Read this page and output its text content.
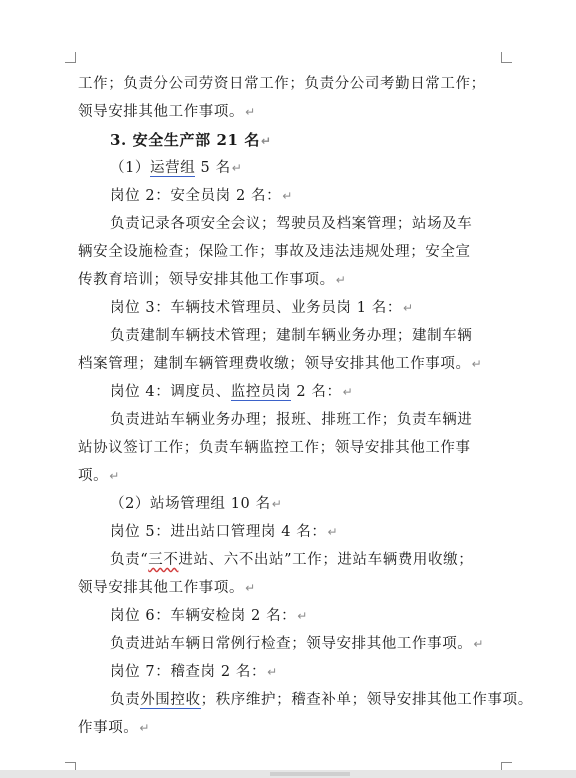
工作；负责分公司劳资日常工作；负责分公司考勤日常工作；
领导安排其他工作事项。↵
3. 安全生产部 21 名↵
（1）运营组 5 名↵
岗位 2：安全员岗 2 名：↵
负责记录各项安全会议；驾驶员及档案管理；站场及车
辆安全设施检查；保险工作；事故及违法违规处理；安全宣
传教育培训；领导安排其他工作事项。↵
岗位 3：车辆技术管理员、业务员岗 1 名：↵
负责建制车辆技术管理；建制车辆业务办理；建制车辆
档案管理；建制车辆管理费收缴；领导安排其他工作事项。↵
岗位 4：调度员、监控员岗 2 名：↵
负责进站车辆业务办理；报班、排班工作；负责车辆进
站协议签订工作；负责车辆监控工作；领导安排其他工作事
项。↵
（2）站场管理组 10 名↵
岗位 5：进出站口管理岗 4 名：↵
负责“三不进站、六不出站”工作；进站车辆费用收缴；
领导安排其他工作事项。↵
岗位 6：车辆安检岗 2 名：↵
负责进站车辆日常例行检查；领导安排其他工作事项。↵
岗位 7：稽查岗 2 名：↵
负责外围控收；秩序维护；稽查补单；领导安排其他工作事项。
作事项。↵
